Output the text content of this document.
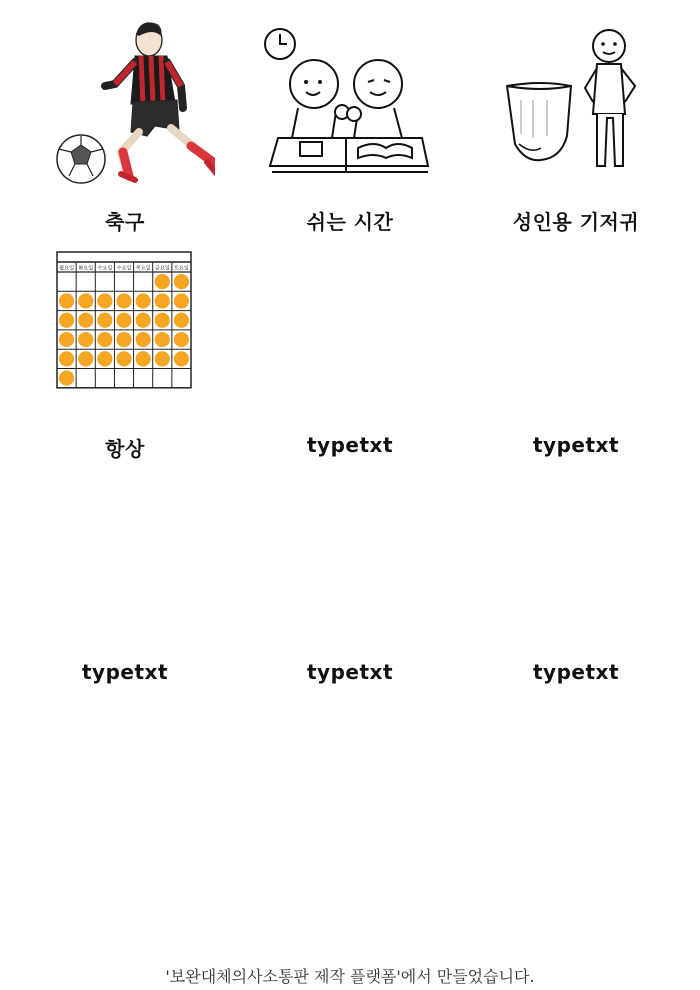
축구	쉬는 시간	성인용 기저귀
월요일 화요일 수요일 수요일 목요일 금요일 토요일
항상	typetxt	typetxt
typetxt	typetxt	typetxt
'보완대체의사소통판 제작 플랫폼'에서 만들었습니다.
